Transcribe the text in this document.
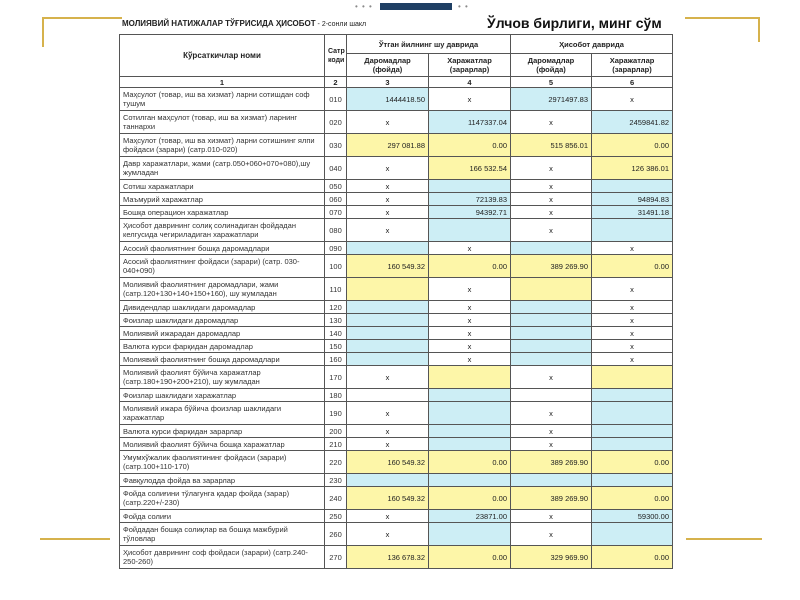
• • •	• •
МОЛИЯВИЙ НАТИЖАЛАР ТЎҒРИСИДА ҲИСОБОТ - 2-сонли шакл	Ўлчов бирлиги, минг сўм
Кўрсаткичлар номи	Сатр коди	Ўтган йилнинг шу даврида		Ҳисобот даврида	
		Даромадлар (фойда)	Харажатлар (зарарлар)	Даромадлар (фойда)	Харажатлар (зарарлар)
1	2	3	4	5	6
Маҳсулот (товар, иш ва хизмат) ларни сотишдан соф тушум	010	1444418.50	x	2971497.83	x
Сотилган маҳсулот (товар, иш ва хизмат) ларнинг таннархи	020	x	1147337.04	x	2459841.82
Маҳсулот (товар, иш ва хизмат) ларни сотишнинг ялпи фойдаси (зарари) (сатр.010-020)	030	297 081.88	0.00	515 856.01	0.00
Давр харажатлари, жами (сатр.050+060+070+080),шу жумладан	040	x	166 532.54	x	126 386.01
Сотиш харажатлари	050	x		x	
Маъмурий харажатлар	060	x	72139.83	x	94894.83
Бошқа операцион харажатлар	070	x	94392.71	x	31491.18
Ҳисобот даврининг солиқ солинадиган фойдадан келгусида чегириладиган харажатлари	080	x		x	
Асосий фаолиятнинг бошқа даромадлари	090		x		x
Асосий фаолиятнинг фойдаси (зарари) (сатр. 030-040+090)	100	160 549.32	0.00	389 269.90	0.00
Молиявий фаолиятнинг даромадлари, жами (сатр.120+130+140+150+160), шу жумладан	110		x		x
Дивидендлар шаклидаги даромадлар	120		x		x
Фоизлар шаклидаги даромадлар	130		x		x
Молиявий ижарадан даромадлар	140		x		x
Валюта курси фарқидан даромадлар	150		x		x
Молиявий фаолиятнинг бошқа даромадлари	160		x		x
Молиявий фаолият бўйича харажатлар (сатр.180+190+200+210), шу жумладан	170	x		x	
Фоизлар шаклидаги харажатлар	180				
Молиявий ижара бўйича фоизлар шаклидаги харажатлар	190	x		x	
Валюта курси фарқидан зарарлар	200	x		x	
Молиявий фаолият бўйича бошқа харажатлар	210	x		x	
Умумхўжалик фаолиятининг фойдаси (зарари) (сатр.100+110-170)	220	160 549.32	0.00	389 269.90	0.00
Фавқулодда фойда ва зарарлар	230				
Фойда солиғини тўлагунга қадар фойда (зарар) (сатр.220+/-230)	240	160 549.32	0.00	389 269.90	0.00
Фойда солиғи	250	x	23871.00	x	59300.00
Фойдадан бошқа солиқлар ва бошқа мажбурий тўловлар	260	x		x	
Ҳисобот даврининг соф фойдаси (зарари) (сатр.240-250-260)	270	136 678.32	0.00	329 969.90	0.00
